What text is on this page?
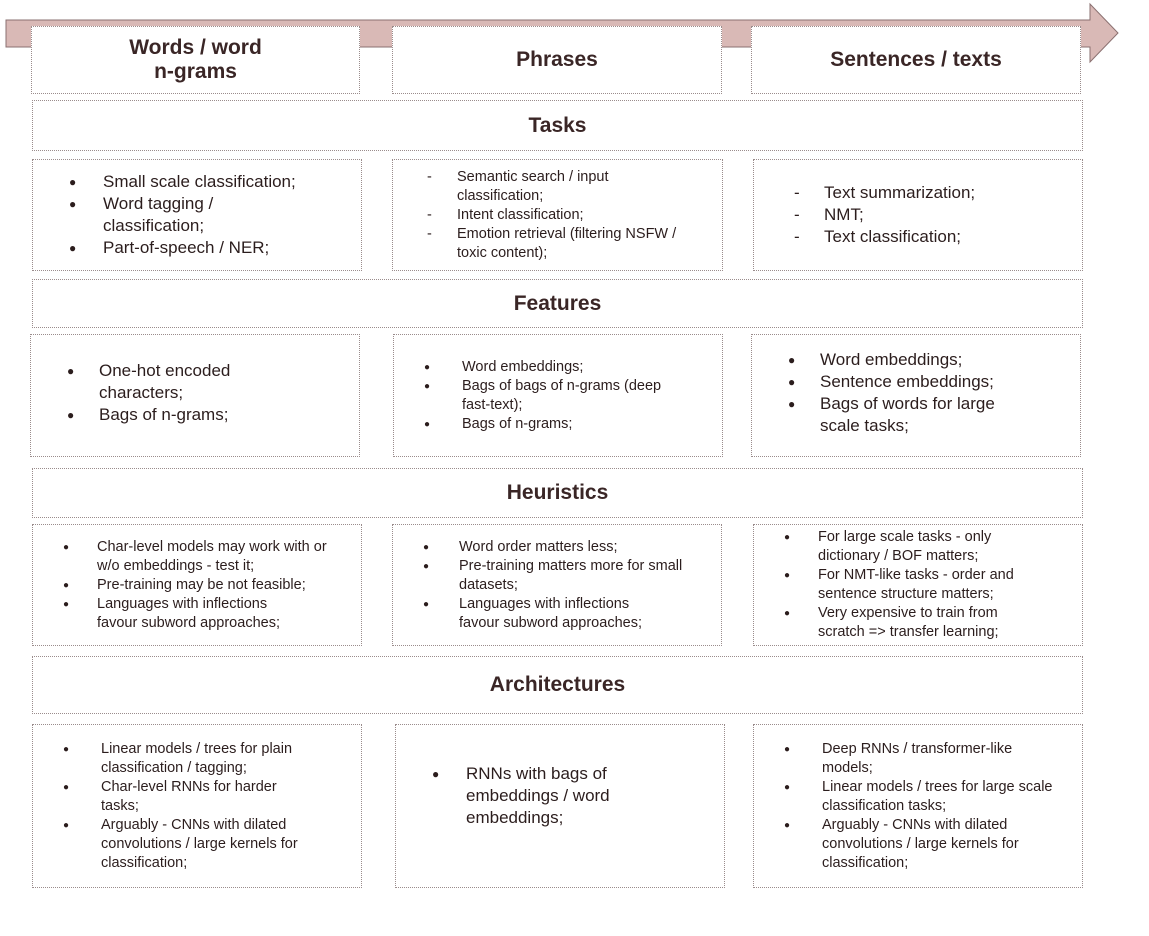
Words / word
n-grams
Phrases	Sentences / texts
Tasks
● Small scale classification;
● Word tagging / classification;
● Part-of-speech / NER;
- Semantic search / input classification;
- Intent classification;
- Emotion retrieval (filtering NSFW / toxic content);
- Text summarization;
- NMT;
- Text classification;
Features
● One-hot encoded characters;
● Bags of n-grams;
● Word embeddings;
● Bags of bags of n-grams (deep fast-text);
● Bags of n-grams;
● Word embeddings;
● Sentence embeddings;
● Bags of words for large scale tasks;
Heuristics
● Char-level models may work with or w/o embeddings - test it;
● Pre-training may be not feasible;
● Languages with inflections favour subword approaches;
● Word order matters less;
● Pre-training matters more for small datasets;
● Languages with inflections favour subword approaches;
● For large scale tasks - only dictionary / BOF matters;
● For NMT-like tasks - order and sentence structure matters;
● Very expensive to train from scratch => transfer learning;
Architectures
● Linear models / trees for plain classification / tagging;
● Char-level RNNs for harder tasks;
● Arguably - CNNs with dilated convolutions / large kernels for classification;
● RNNs with bags of embeddings / word embeddings;
● Deep RNNs / transformer-like models;
● Linear models / trees for large scale classification tasks;
● Arguably - CNNs with dilated convolutions / large kernels for classification;
